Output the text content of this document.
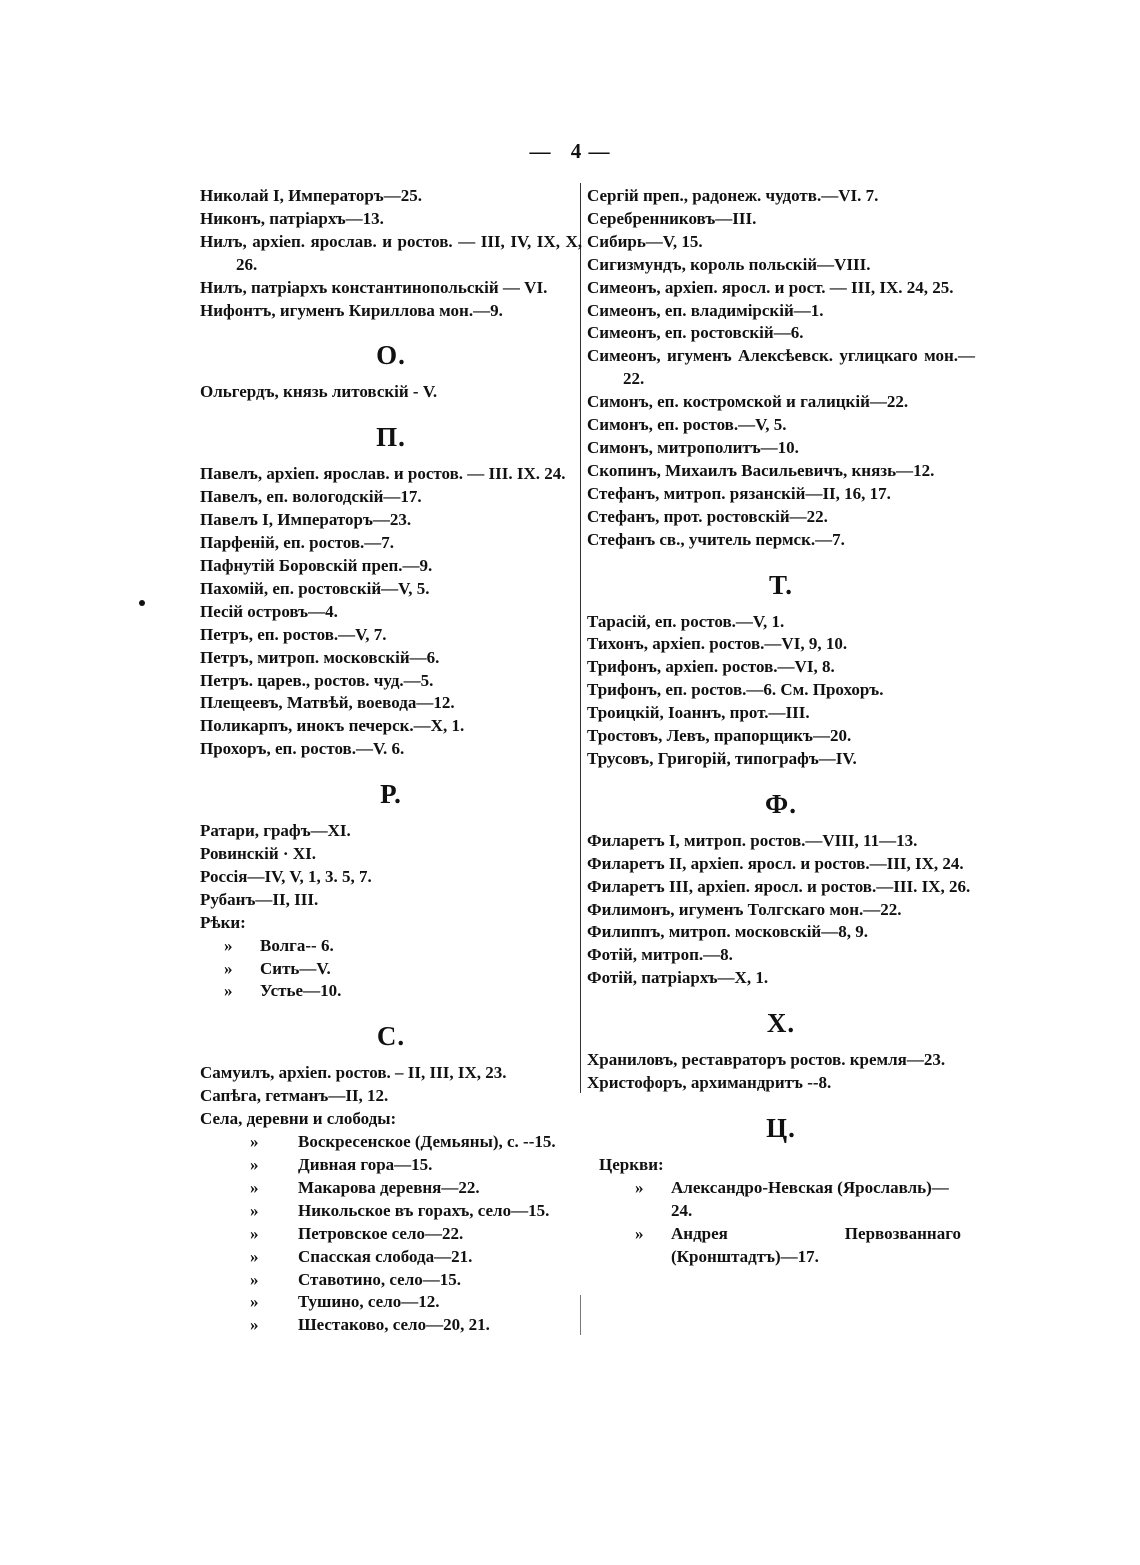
— 4 —
Николай I, Императоръ—25.
Никонъ, патріархъ—13.
Нилъ, архіеп. ярослав. и ростов. — III, IV, IX, X, 26.
Нилъ, патріархъ константинопольскій — VI.
Нифонтъ, игуменъ Кириллова мон.—9.
О.
Ольгердъ, князь литовскій - V.
П.
Павелъ, архіеп. ярослав. и ростов. — III. IX. 24.
Павелъ, еп. вологодскій—17.
Павелъ I, Императоръ—23.
Парфеній, еп. ростов.—7.
Пафнутій Боровскій преп.—9.
Пахомій, еп. ростовскій—V, 5.
Песій островъ—4.
Петръ, еп. ростов.—V, 7.
Петръ, митроп. московскій—6.
Петръ. царев., ростов. чуд.—5.
Плещеевъ, Матвѣй, воевода—12.
Поликарпъ, инокъ печерск.—X, 1.
Прохоръ, еп. ростов.—V. 6.
Р.
Ратари, графъ—XI.
Ровинскій · XI.
Россія—IV, V, 1, 3. 5, 7.
Рубанъ—II, III.
Рѣки:
» Волга-- 6.
» Сить—V.
» Устье—10.
С.
Самуилъ, архіеп. ростов. – II, III, IX, 23.
Сапѣга, гетманъ—II, 12.
Села, деревни и слободы:
» Воскресенское (Демьяны), с. --15.
» Дивная гора—15.
» Макарова деревня—22.
» Никольское въ горахъ, село—15.
» Петровское село—22.
» Спасская слобода—21.
» Ставотино, село—15.
» Тушино, село—12.
» Шестаково, село—20, 21.
Сергій преп., радонеж. чудотв.—VI. 7.
Серебренниковъ—III.
Сибирь—V, 15.
Сигизмундъ, король польскій—VIII.
Симеонъ, архіеп. яросл. и рост. — III, IX. 24, 25.
Симеонъ, еп. владимірскій—1.
Симеонъ, еп. ростовскій—6.
Симеонъ, игуменъ Алексѣевск. углицкаго мон.—22.
Симонъ, еп. костромской и галицкій—22.
Симонъ, еп. ростов.—V, 5.
Симонъ, митрополитъ—10.
Скопинъ, Михаилъ Васильевичъ, князь—12.
Стефанъ, митроп. рязанскій—II, 16, 17.
Стефанъ, прот. ростовскій—22.
Стефанъ св., учитель пермск.—7.
Т.
Тарасій, еп. ростов.—V, 1.
Тихонъ, архіеп. ростов.—VI, 9, 10.
Трифонъ, архіеп. ростов.—VI, 8.
Трифонъ, еп. ростов.—6. См. Прохоръ.
Троицкій, Іоаннъ, прот.—III.
Тростовъ, Левъ, прапорщикъ—20.
Трусовъ, Григорій, типографъ—IV.
Ф.
Филаретъ I, митроп. ростов.—VIII, 11—13.
Филаретъ II, архіеп. яросл. и ростов.—III, IX, 24.
Филаретъ III, архіеп. яросл. и ростов.—III. IX, 26.
Филимонъ, игуменъ Толгскаго мон.—22.
Филиппъ, митроп. московскій—8, 9.
Фотій, митроп.—8.
Фотій, патріархъ—X, 1.
Х.
Храниловъ, реставраторъ ростов. кремля—23.
Христофоръ, архимандритъ --8.
Ц.
Церкви:
» Александро-Невская (Ярославль)— 24.
» Андрея Первозваннаго (Кронштадтъ)—17.
